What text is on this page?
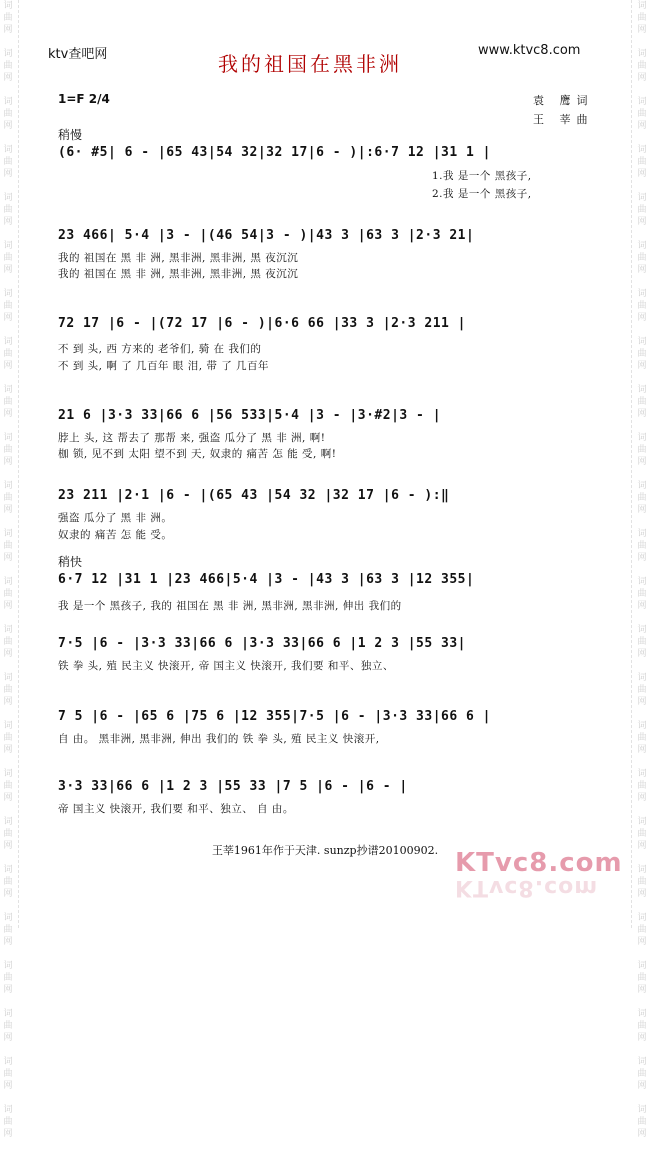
词
曲
网

词
曲
网

词
曲
网

词
曲
网

词
曲
网

词
曲
网

词
曲
网

词
曲
网

词
曲
网

词
曲
网

词
曲
网

词
曲
网

词
曲
网

词
曲
网

词
曲
网

词
曲
网

词
曲
网

词
曲
网

词
曲
网

词
曲
网

词
曲
网

词
曲
网

词
曲
网

词
曲
网

词
曲
网

词
曲
网

词
曲
网

词
曲
网

词
曲
网

词
曲
网

词
曲
网

词
曲
网

词
曲
网

词
曲
网

词
曲
网

词
曲
网

词
曲
网

词
曲
网

词
曲
网

词
曲
网

词
曲
网

词
曲
网

词
曲
网

词
曲
网

词
曲
网

词
曲
网

词
曲
网

词
曲
网

ktv查吧网	www.ktvc8.com
我的祖国在黑非洲
1=F 2/4	袁 鹰词
王 莘曲
稍慢
(6· #5| 6 - |65 43|54 32|32 17|6 - )|:6·7 12 |31 1 |
1.我 是一个 黑孩子,
2.我 是一个 黑孩子,
23 466| 5·4 |3 - |(46 54|3 - )|43 3 |63 3 |2·3 21|
我的 祖国在 黑 非 洲, 黑非洲, 黑非洲, 黑 夜沉沉
我的 祖国在 黑 非 洲, 黑非洲, 黑非洲, 黑 夜沉沉
72 17 |6 - |(72 17 |6 - )|6·6 66 |33 3 |2·3 211 |
不 到 头, 西 方来的 老爷们, 骑 在 我们的
不 到 头, 啊 了 几百年 眼 泪, 带 了 几百年
21 6 |3·3 33|66 6 |56 533|5·4 |3 - |3·#2|3 - |
脖上 头, 这 帮去了 那帮 来, 强盗 瓜分了 黑 非 洲, 啊!
枷 锁, 见不到 太阳 望不到 天, 奴隶的 痛苦 怎 能 受, 啊!
23 211 |2·1 |6 - |(65 43 |54 32 |32 17 |6 - ):‖
强盗 瓜分了 黑 非 洲。
奴隶的 痛苦 怎 能 受。
稍快
6·7 12 |31 1 |23 466|5·4 |3 - |43 3 |63 3 |12 355|
我 是一个 黑孩子, 我的 祖国在 黑 非 洲, 黑非洲, 黑非洲, 伸出 我们的
7·5 |6 - |3·3 33|66 6 |3·3 33|66 6 |1 2 3 |55 33|
铁 拳 头, 殖 民主义 快滚开, 帝 国主义 快滚开, 我们要 和平、独立、
7 5 |6 - |65 6 |75 6 |12 355|7·5 |6 - |3·3 33|66 6 |
自 由。 黑非洲, 黑非洲, 伸出 我们的 铁 拳 头, 殖 民主义 快滚开,
3·3 33|66 6 |1 2 3 |55 33 |7 5 |6 - |6 - |
帝 国主义 快滚开, 我们要 和平、独立、 自 由。
王莘1961年作于天津. sunzp抄谱20100902. KTvc8.com
KTvc8.com
